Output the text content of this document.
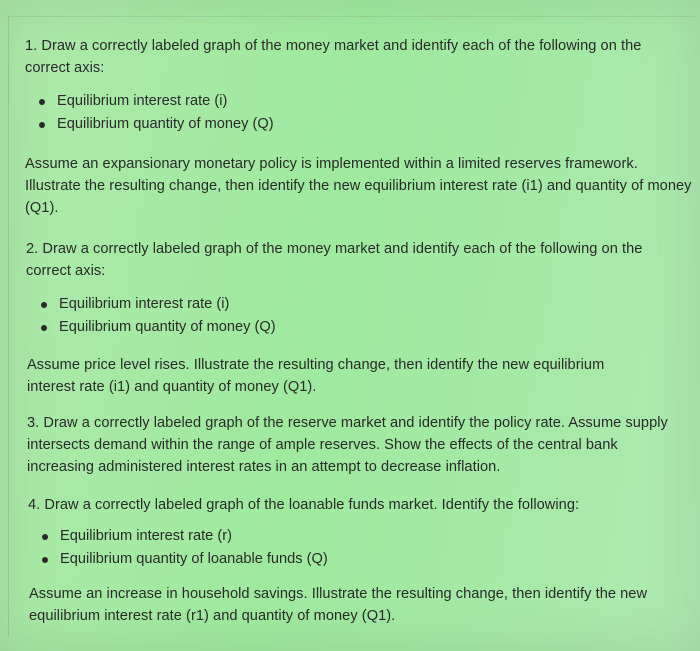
1. Draw a correctly labeled graph of the money market and identify each of the following on the correct axis:

Equilibrium interest rate (i)
Equilibrium quantity of money (Q)

Assume an expansionary monetary policy is implemented within a limited reserves framework. Illustrate the resulting change, then identify the new equilibrium interest rate (i1) and quantity of money (Q1).

2. Draw a correctly labeled graph of the money market and identify each of the following on the correct axis:

Equilibrium interest rate (i)
Equilibrium quantity of money (Q)

Assume price level rises. Illustrate the resulting change, then identify the new equilibrium interest rate (i1) and quantity of money (Q1).

3. Draw a correctly labeled graph of the reserve market and identify the policy rate. Assume supply intersects demand within the range of ample reserves. Show the effects of the central bank increasing administered interest rates in an attempt to decrease inflation.

4. Draw a correctly labeled graph of the loanable funds market. Identify the following:

Equilibrium interest rate (r)
Equilibrium quantity of loanable funds (Q)

Assume an increase in household savings. Illustrate the resulting change, then identify the new equilibrium interest rate (r1) and quantity of money (Q1).
